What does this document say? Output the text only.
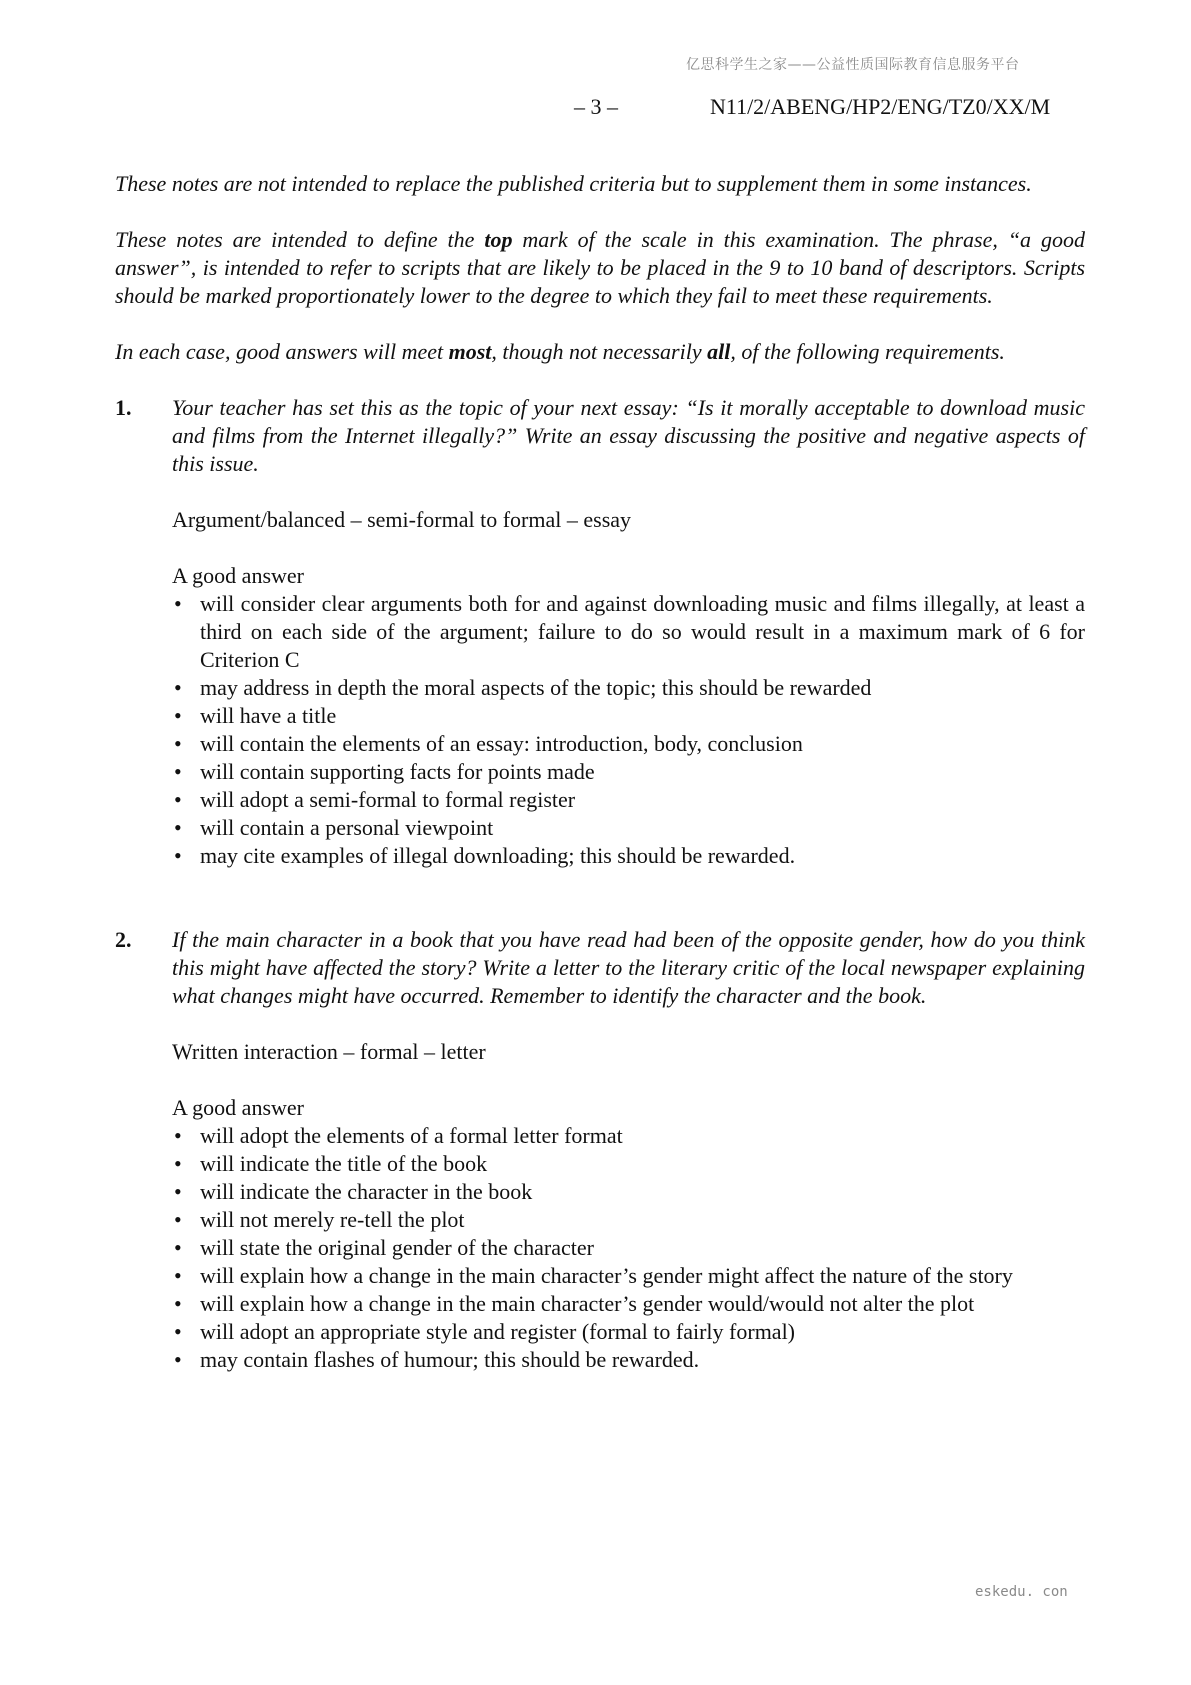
亿思科学生之家——公益性质国际教育信息服务平台
– 3 –	N11/2/ABENG/HP2/ENG/TZ0/XX/M

These notes are not intended to replace the published criteria but to supplement them in some instances.

These notes are intended to define the top mark of the scale in this examination. The phrase, “a good answer”, is intended to refer to scripts that are likely to be placed in the 9 to 10 band of descriptors. Scripts should be marked proportionately lower to the degree to which they fail to meet these requirements.

In each case, good answers will meet most, though not necessarily all, of the following requirements.

1. Your teacher has set this as the topic of your next essay: “Is it morally acceptable to download music and films from the Internet illegally?” Write an essay discussing the positive and negative aspects of this issue.

Argument/balanced – semi-formal to formal – essay

A good answer

• will consider clear arguments both for and against downloading music and films illegally, at least a third on each side of the argument; failure to do so would result in a maximum mark of 6 for Criterion C
• may address in depth the moral aspects of the topic; this should be rewarded
• will have a title
• will contain the elements of an essay: introduction, body, conclusion
• will contain supporting facts for points made
• will adopt a semi-formal to formal register
• will contain a personal viewpoint
• may cite examples of illegal downloading; this should be rewarded.
2. If the main character in a book that you have read had been of the opposite gender, how do you think this might have affected the story? Write a letter to the literary critic of the local newspaper explaining what changes might have occurred. Remember to identify the character and the book.

Written interaction – formal – letter

A good answer

• will adopt the elements of a formal letter format
• will indicate the title of the book
• will indicate the character in the book
• will not merely re-tell the plot
• will state the original gender of the character
• will explain how a change in the main character’s gender might affect the nature of the story
• will explain how a change in the main character’s gender would/would not alter the plot
• will adopt an appropriate style and register (formal to fairly formal)
• may contain flashes of humour; this should be rewarded.
eskedu. con
